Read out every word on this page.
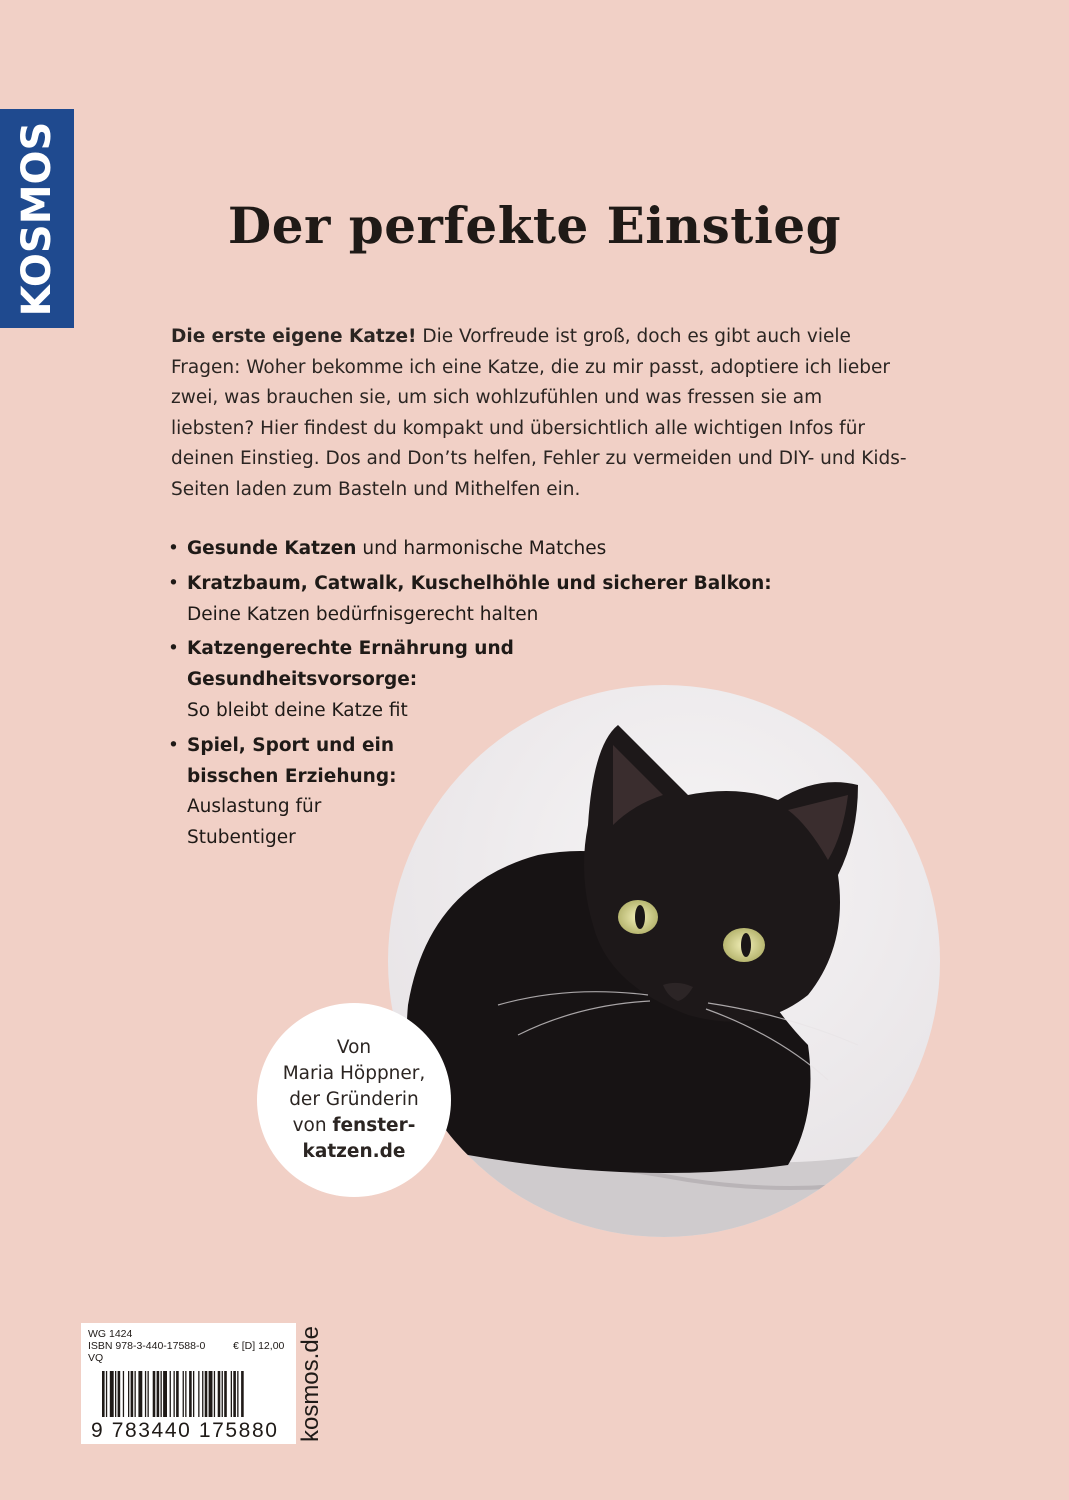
KOSMOS	Der perfekte Einstieg

Die erste eigene Katze! Die Vorfreude ist groß, doch es gibt auch viele Fragen: Woher bekomme ich eine Katze, die zu mir passt, adoptiere ich lieber zwei, was brauchen sie, um sich wohlzufühlen und was fressen sie am liebsten? Hier findest du kompakt und übersichtlich alle wichtigen Infos für deinen Einstieg. Dos and Don’ts helfen, Fehler zu vermeiden und DIY- und Kids-Seiten laden zum Basteln und Mithelfen ein.

• Gesunde Katzen und harmonische Matches
• Kratzbaum, Catwalk, Kuschelhöhle und sicherer Balkon:
Deine Katzen bedürfnisgerecht halten
• Katzengerechte Ernährung und Gesundheitsvorsorge:
So bleibt deine Katze fit
• Spiel, Sport und ein bisschen Erziehung:
Auslastung für Stubentiger
Von
Maria Höppner,
der Gründerin
von fenster-
katzen.de
WG 1424
ISBN 978-3-440-17588-0	€ [D] 12,00
VQ
9 783440 175880 kosmos.de
